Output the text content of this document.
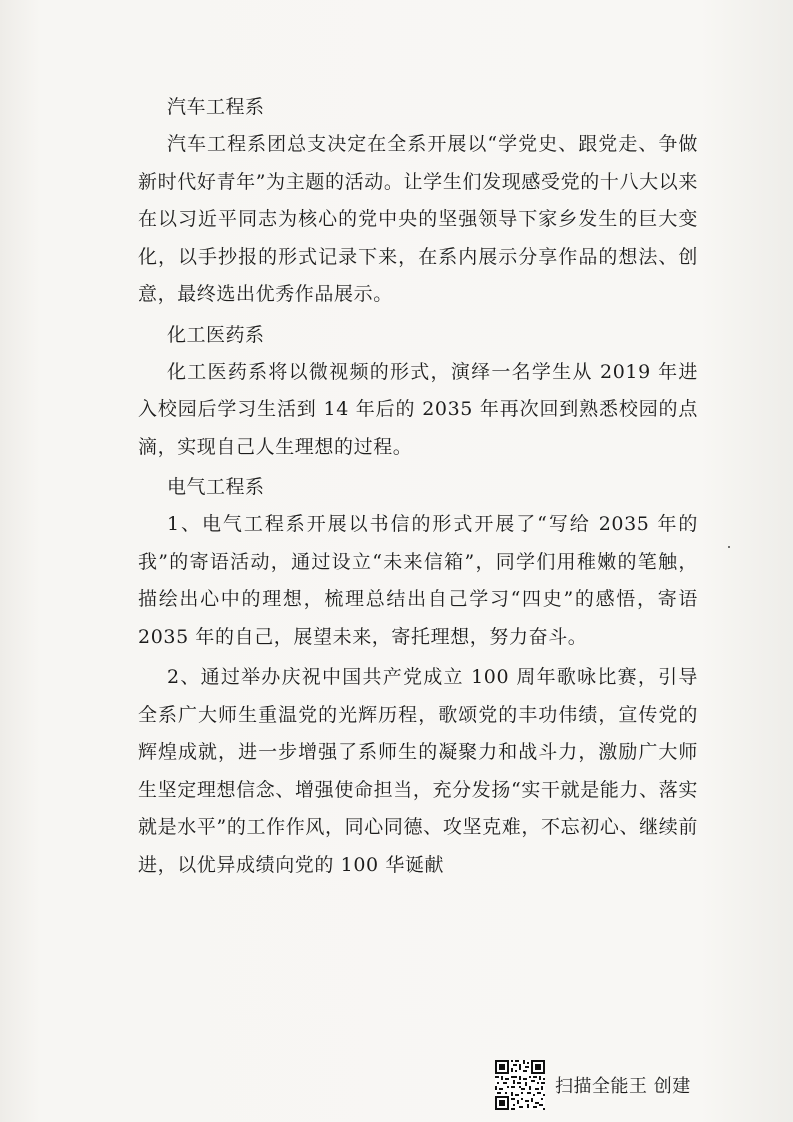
汽车工程系

汽车工程系团总支决定在全系开展以“学党史、跟党走、争做新时代好青年”为主题的活动。让学生们发现感受党的十八大以来在以习近平同志为核心的党中央的坚强领导下家乡发生的巨大变化，以手抄报的形式记录下来，在系内展示分享作品的想法、创意，最终选出优秀作品展示。

化工医药系

化工医药系将以微视频的形式，演绎一名学生从 2019 年进入校园后学习生活到 14 年后的 2035 年再次回到熟悉校园的点滴，实现自己人生理想的过程。

电气工程系

1、电气工程系开展以书信的形式开展了“写给 2035 年的我”的寄语活动，通过设立“未来信箱”，同学们用稚嫩的笔触，描绘出心中的理想，梳理总结出自己学习“四史”的感悟，寄语 2035 年的自己，展望未来，寄托理想，努力奋斗。

2、通过举办庆祝中国共产党成立 100 周年歌咏比赛，引导全系广大师生重温党的光辉历程，歌颂党的丰功伟绩，宣传党的辉煌成就，进一步增强了系师生的凝聚力和战斗力，激励广大师生坚定理想信念、增强使命担当，充分发扬“实干就是能力、落实就是水平”的工作作风，同心同德、攻坚克难，不忘初心、继续前进，以优异成绩向党的 100 华诞献

扫描全能王 创建
